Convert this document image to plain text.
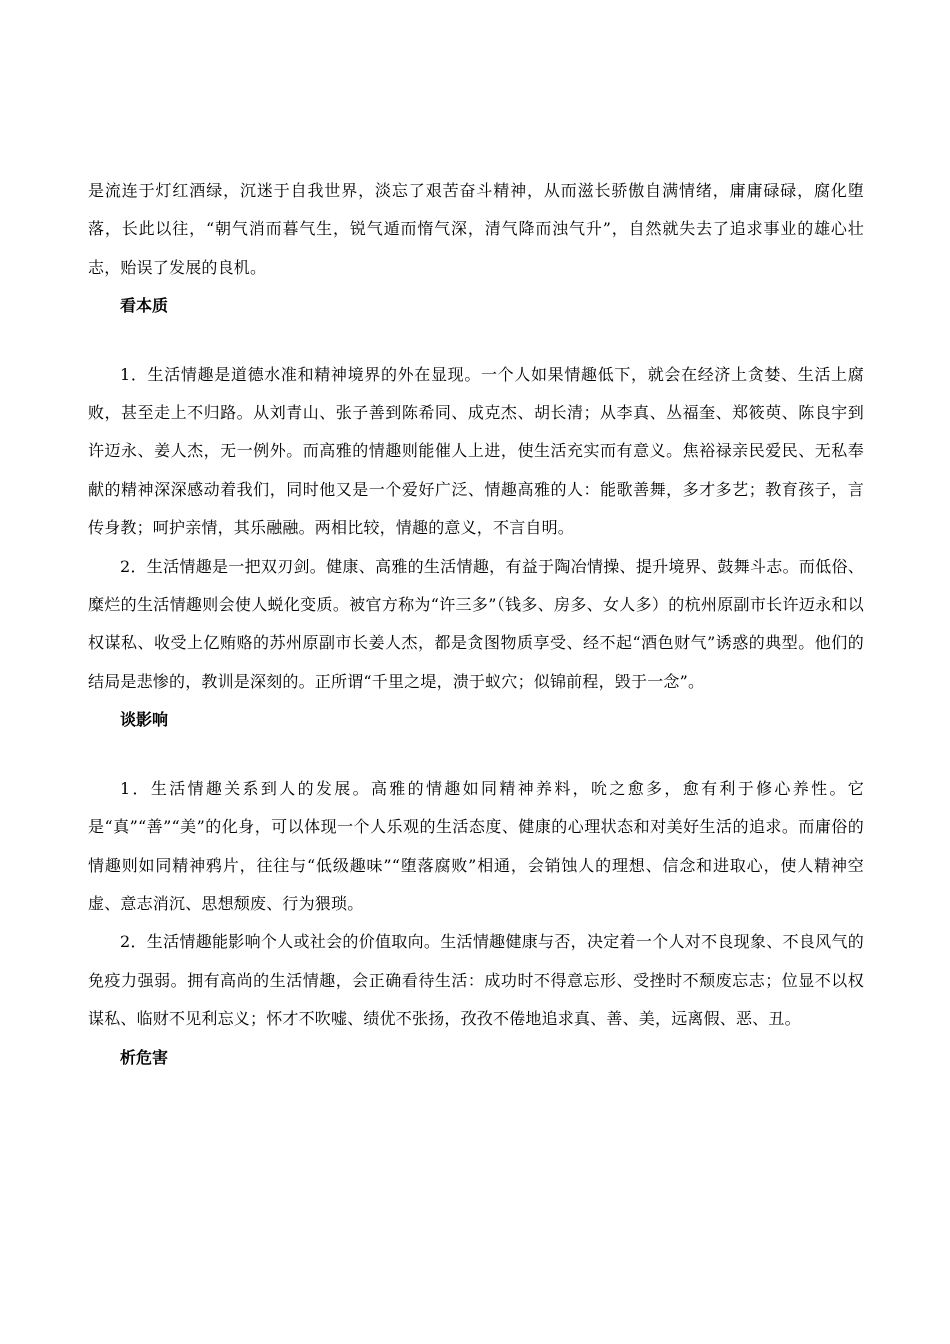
是流连于灯红酒绿，沉迷于自我世界，淡忘了艰苦奋斗精神，从而滋长骄傲自满情绪，庸庸碌碌，腐化堕落，长此以往，“朝气消而暮气生，锐气遁而惰气深，清气降而浊气升”，自然就失去了追求事业的雄心壮志，贻误了发展的良机。

看本质

1．生活情趣是道德水准和精神境界的外在显现。一个人如果情趣低下，就会在经济上贪婪、生活上腐败，甚至走上不归路。从刘青山、张子善到陈希同、成克杰、胡长清；从李真、丛福奎、郑筱萸、陈良宇到许迈永、姜人杰，无一例外。而高雅的情趣则能催人上进，使生活充实而有意义。焦裕禄亲民爱民、无私奉献的精神深深感动着我们，同时他又是一个爱好广泛、情趣高雅的人：能歌善舞，多才多艺；教育孩子，言传身教；呵护亲情，其乐融融。两相比较，情趣的意义，不言自明。

2．生活情趣是一把双刃剑。健康、高雅的生活情趣，有益于陶冶情操、提升境界、鼓舞斗志。而低俗、糜烂的生活情趣则会使人蜕化变质。被官方称为“许三多”（钱多、房多、女人多）的杭州原副市长许迈永和以权谋私、收受上亿贿赂的苏州原副市长姜人杰，都是贪图物质享受、经不起“酒色财气”诱惑的典型。他们的结局是悲惨的，教训是深刻的。正所谓“千里之堤，溃于蚁穴；似锦前程，毁于一念”。

谈影响

1．生活情趣关系到人的发展。高雅的情趣如同精神养料，吮之愈多，愈有利于修心养性。它是“真”“善”“美”的化身，可以体现一个人乐观的生活态度、健康的心理状态和对美好生活的追求。而庸俗的情趣则如同精神鸦片，往往与“低级趣味”“堕落腐败”相通，会销蚀人的理想、信念和进取心，使人精神空虚、意志消沉、思想颓废、行为猥琐。

2．生活情趣能影响个人或社会的价值取向。生活情趣健康与否，决定着一个人对不良现象、不良风气的免疫力强弱。拥有高尚的生活情趣，会正确看待生活：成功时不得意忘形、受挫时不颓废忘志；位显不以权谋私、临财不见利忘义；怀才不吹嘘、绩优不张扬，孜孜不倦地追求真、善、美，远离假、恶、丑。

析危害
